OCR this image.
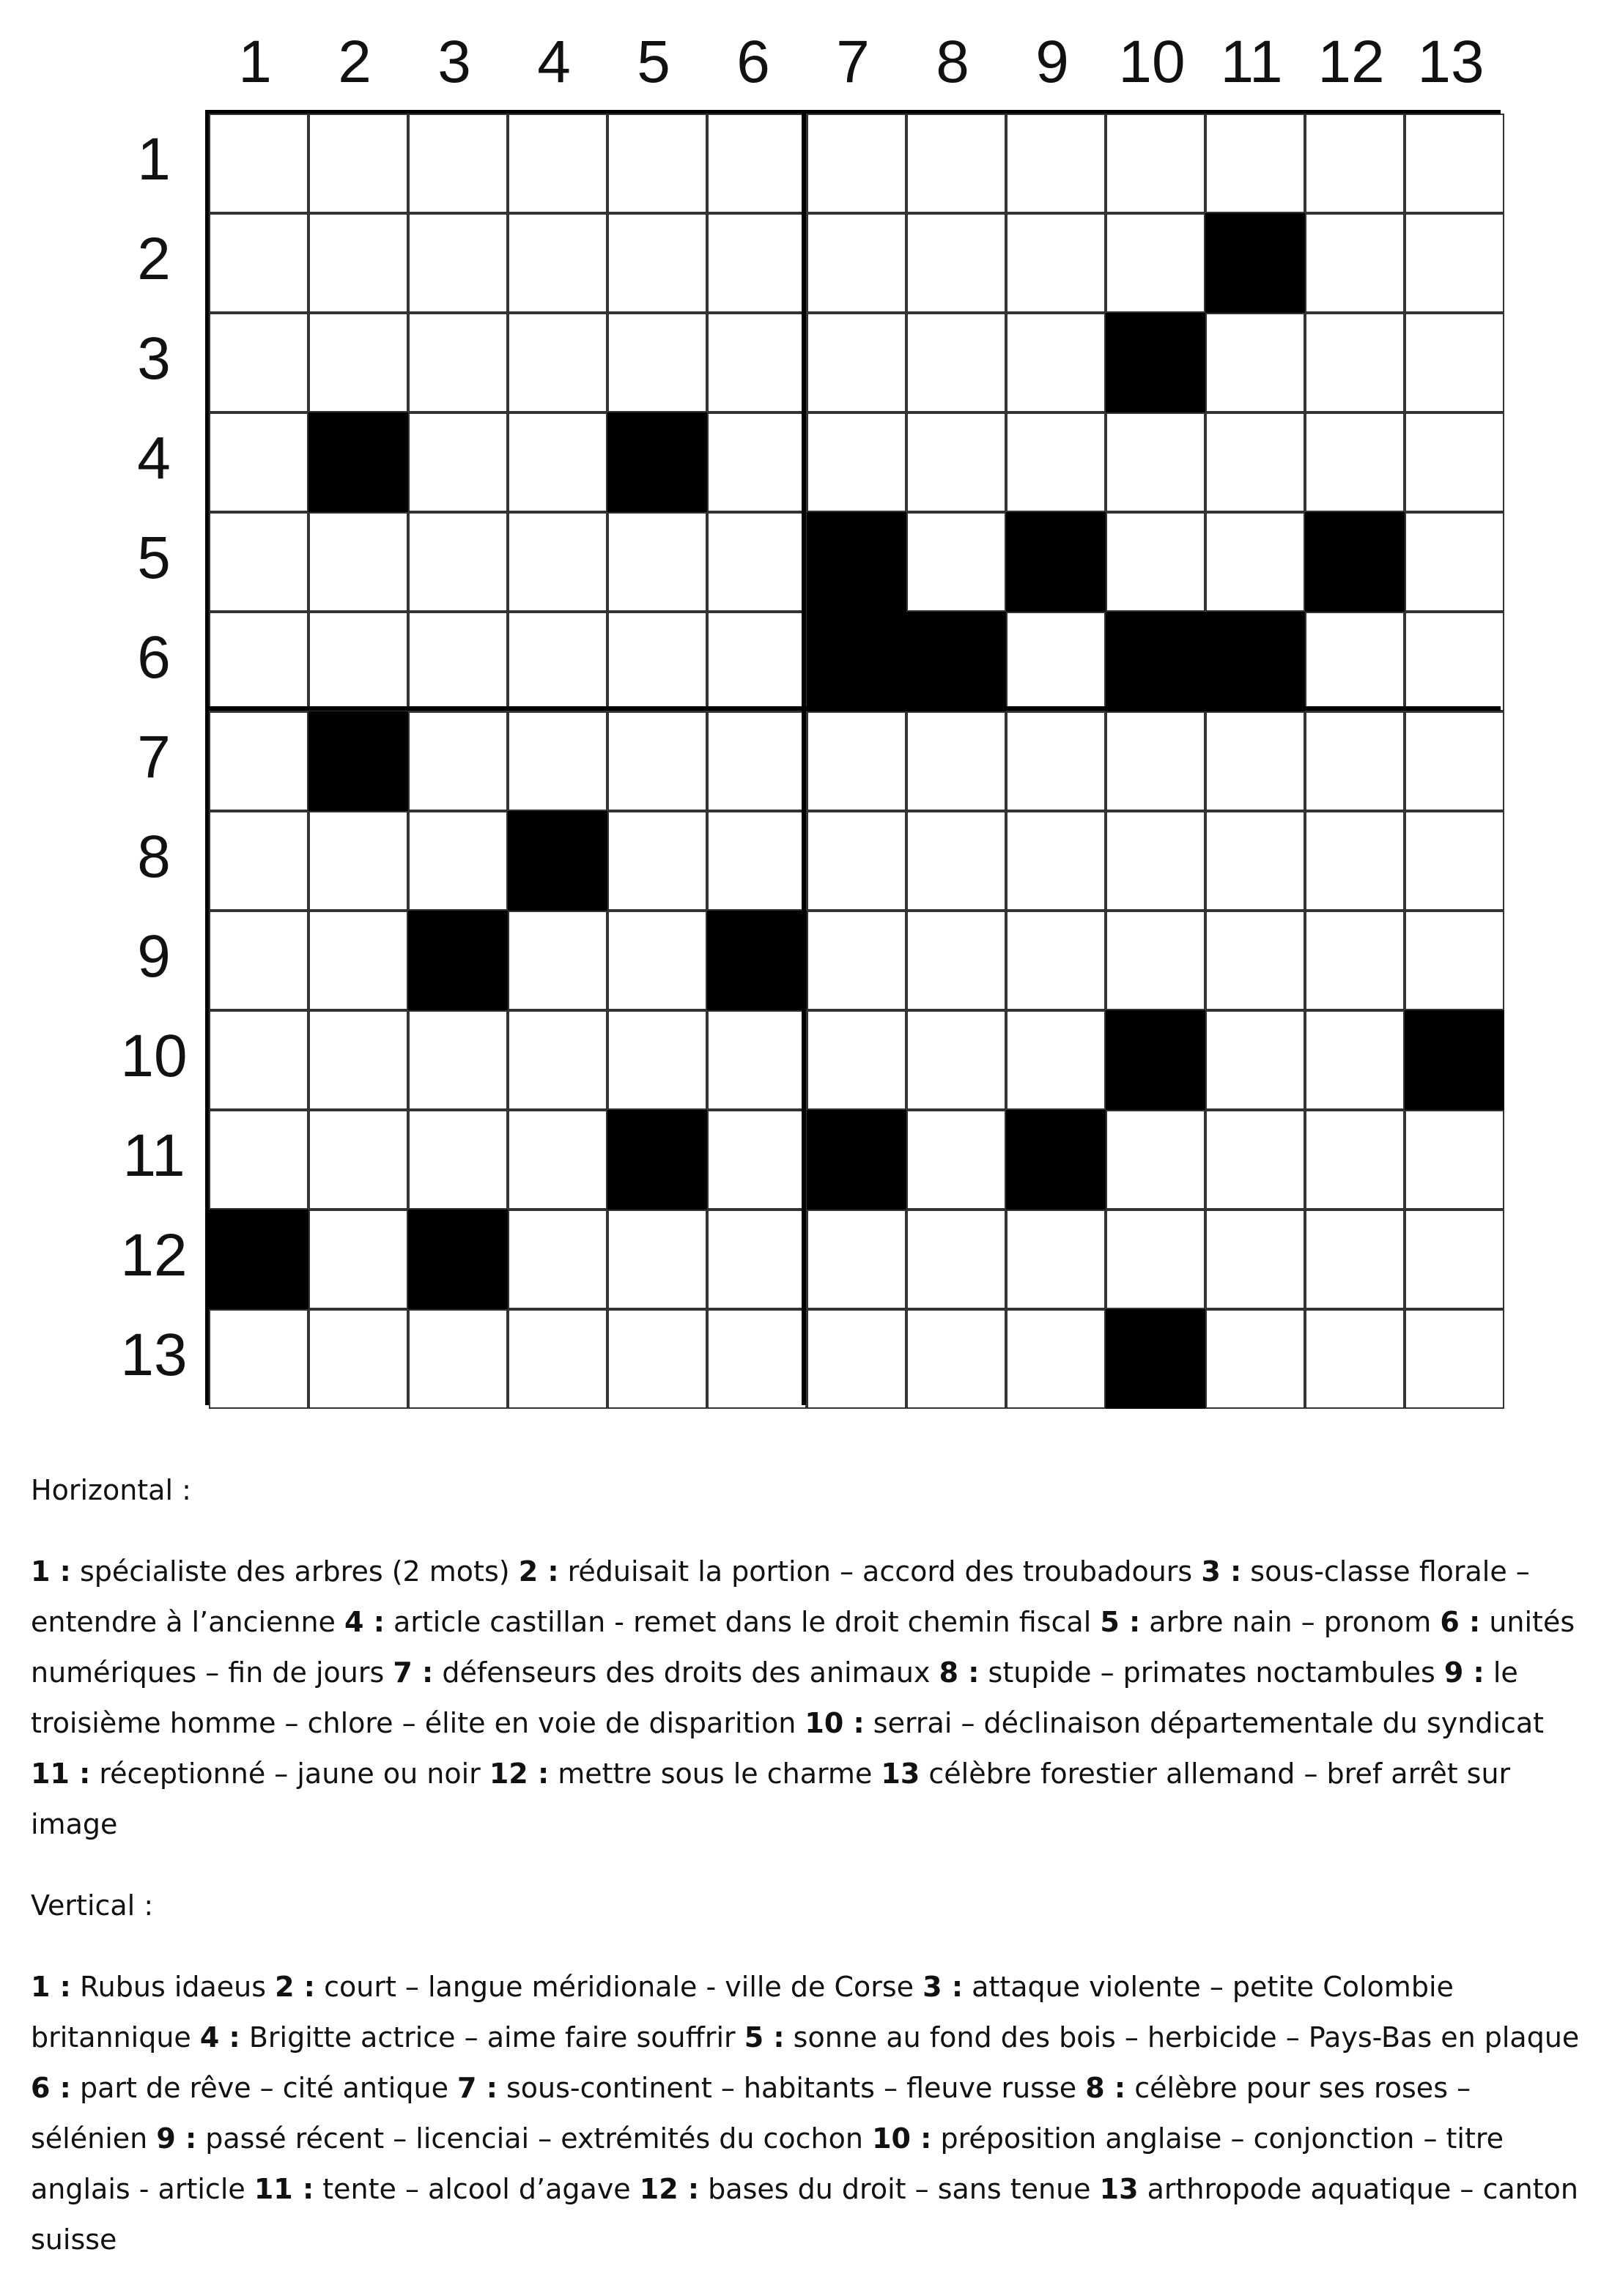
1	2	3	4	5	6	7	8	9 10 11 12 13
1
2
3
4
5
6
7
8
9
10
11
12
13
Horizontal :
1 : spécialiste des arbres (2 mots) 2 : réduisait la portion – accord des troubadours 3 : sous-classe florale – entendre à l’ancienne 4 : article castillan - remet dans le droit chemin fiscal 5 : arbre nain – pronom 6 : unités numériques – fin de jours 7 : défenseurs des droits des animaux 8 : stupide – primates noctambules 9 : le troisième homme – chlore – élite en voie de disparition 10 : serrai – déclinaison départementale du syndicat 11 : réceptionné – jaune ou noir 12 : mettre sous le charme 13 célèbre forestier allemand – bref arrêt sur image
Vertical :
1 : Rubus idaeus 2 : court – langue méridionale - ville de Corse 3 : attaque violente – petite Colombie britannique 4 : Brigitte actrice – aime faire souffrir 5 : sonne au fond des bois – herbicide – Pays-Bas en plaque 6 : part de rêve – cité antique 7 : sous-continent – habitants – fleuve russe 8 : célèbre pour ses roses – sélénien 9 : passé récent – licenciai – extrémités du cochon 10 : préposition anglaise – conjonction – titre anglais - article 11 : tente – alcool d’agave 12 : bases du droit – sans tenue 13 arthropode aquatique – canton suisse
